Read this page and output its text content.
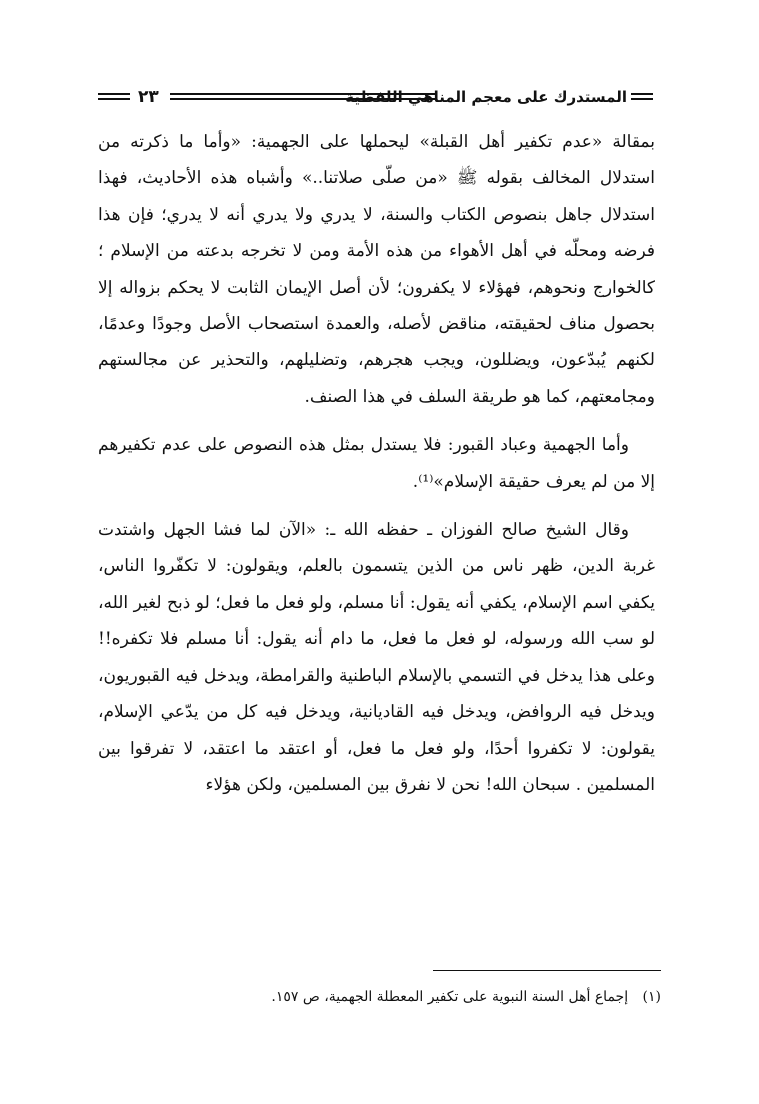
المستدرك على معجم المناهي اللفظية
٢٣

بمقالة «عدم تكفير أهل القبلة» ليحملها على الجهمية: «وأما ما ذكرته من استدلال المخالف بقوله ﷺ «من صلّى صلاتنا..» وأشباه هذه الأحاديث، فهذا استدلال جاهل بنصوص الكتاب والسنة، لا يدري ولا يدري أنه لا يدري؛ فإن هذا فرضه ومحلّه في أهل الأهواء من هذه الأمة ومن لا تخرجه بدعته من الإسلام ؛ كالخوارج ونحوهم، فهؤلاء لا يكفرون؛ لأن أصل الإيمان الثابت لا يحكم بزواله إلا بحصول مناف لحقيقته، مناقض لأصله، والعمدة استصحاب الأصل وجودًا وعدمًا، لكنهم يُبدّعون، ويضللون، ويجب هجرهم، وتضليلهم، والتحذير عن مجالستهم ومجامعتهم، كما هو طريقة السلف في هذا الصنف.

وأما الجهمية وعباد القبور: فلا يستدل بمثل هذه النصوص على عدم تكفيرهم إلا من لم يعرف حقيقة الإسلام»⁽¹⁾.

وقال الشيخ صالح الفوزان ـ حفظه الله ـ: «الآن لما فشا الجهل واشتدت غربة الدين، ظهر ناس من الذين يتسمون بالعلم، ويقولون: لا تكفّروا الناس، يكفي اسم الإسلام، يكفي أنه يقول: أنا مسلم، ولو فعل ما فعل؛ لو ذبح لغير الله، لو سب الله ورسوله، لو فعل ما فعل، ما دام أنه يقول: أنا مسلم فلا تكفره!! وعلى هذا يدخل في التسمي بالإسلام الباطنية والقرامطة، ويدخل فيه القبوريون، ويدخل فيه الروافض، ويدخل فيه القاديانية، ويدخل فيه كل من يدّعي الإسلام، يقولون: لا تكفروا أحدًا، ولو فعل ما فعل، أو اعتقد ما اعتقد، لا تفرقوا بين المسلمين . سبحان الله! نحن لا نفرق بين المسلمين، ولكن هؤلاء

(١) إجماع أهل السنة النبوية على تكفير المعطلة الجهمية، ص ١٥٧.
